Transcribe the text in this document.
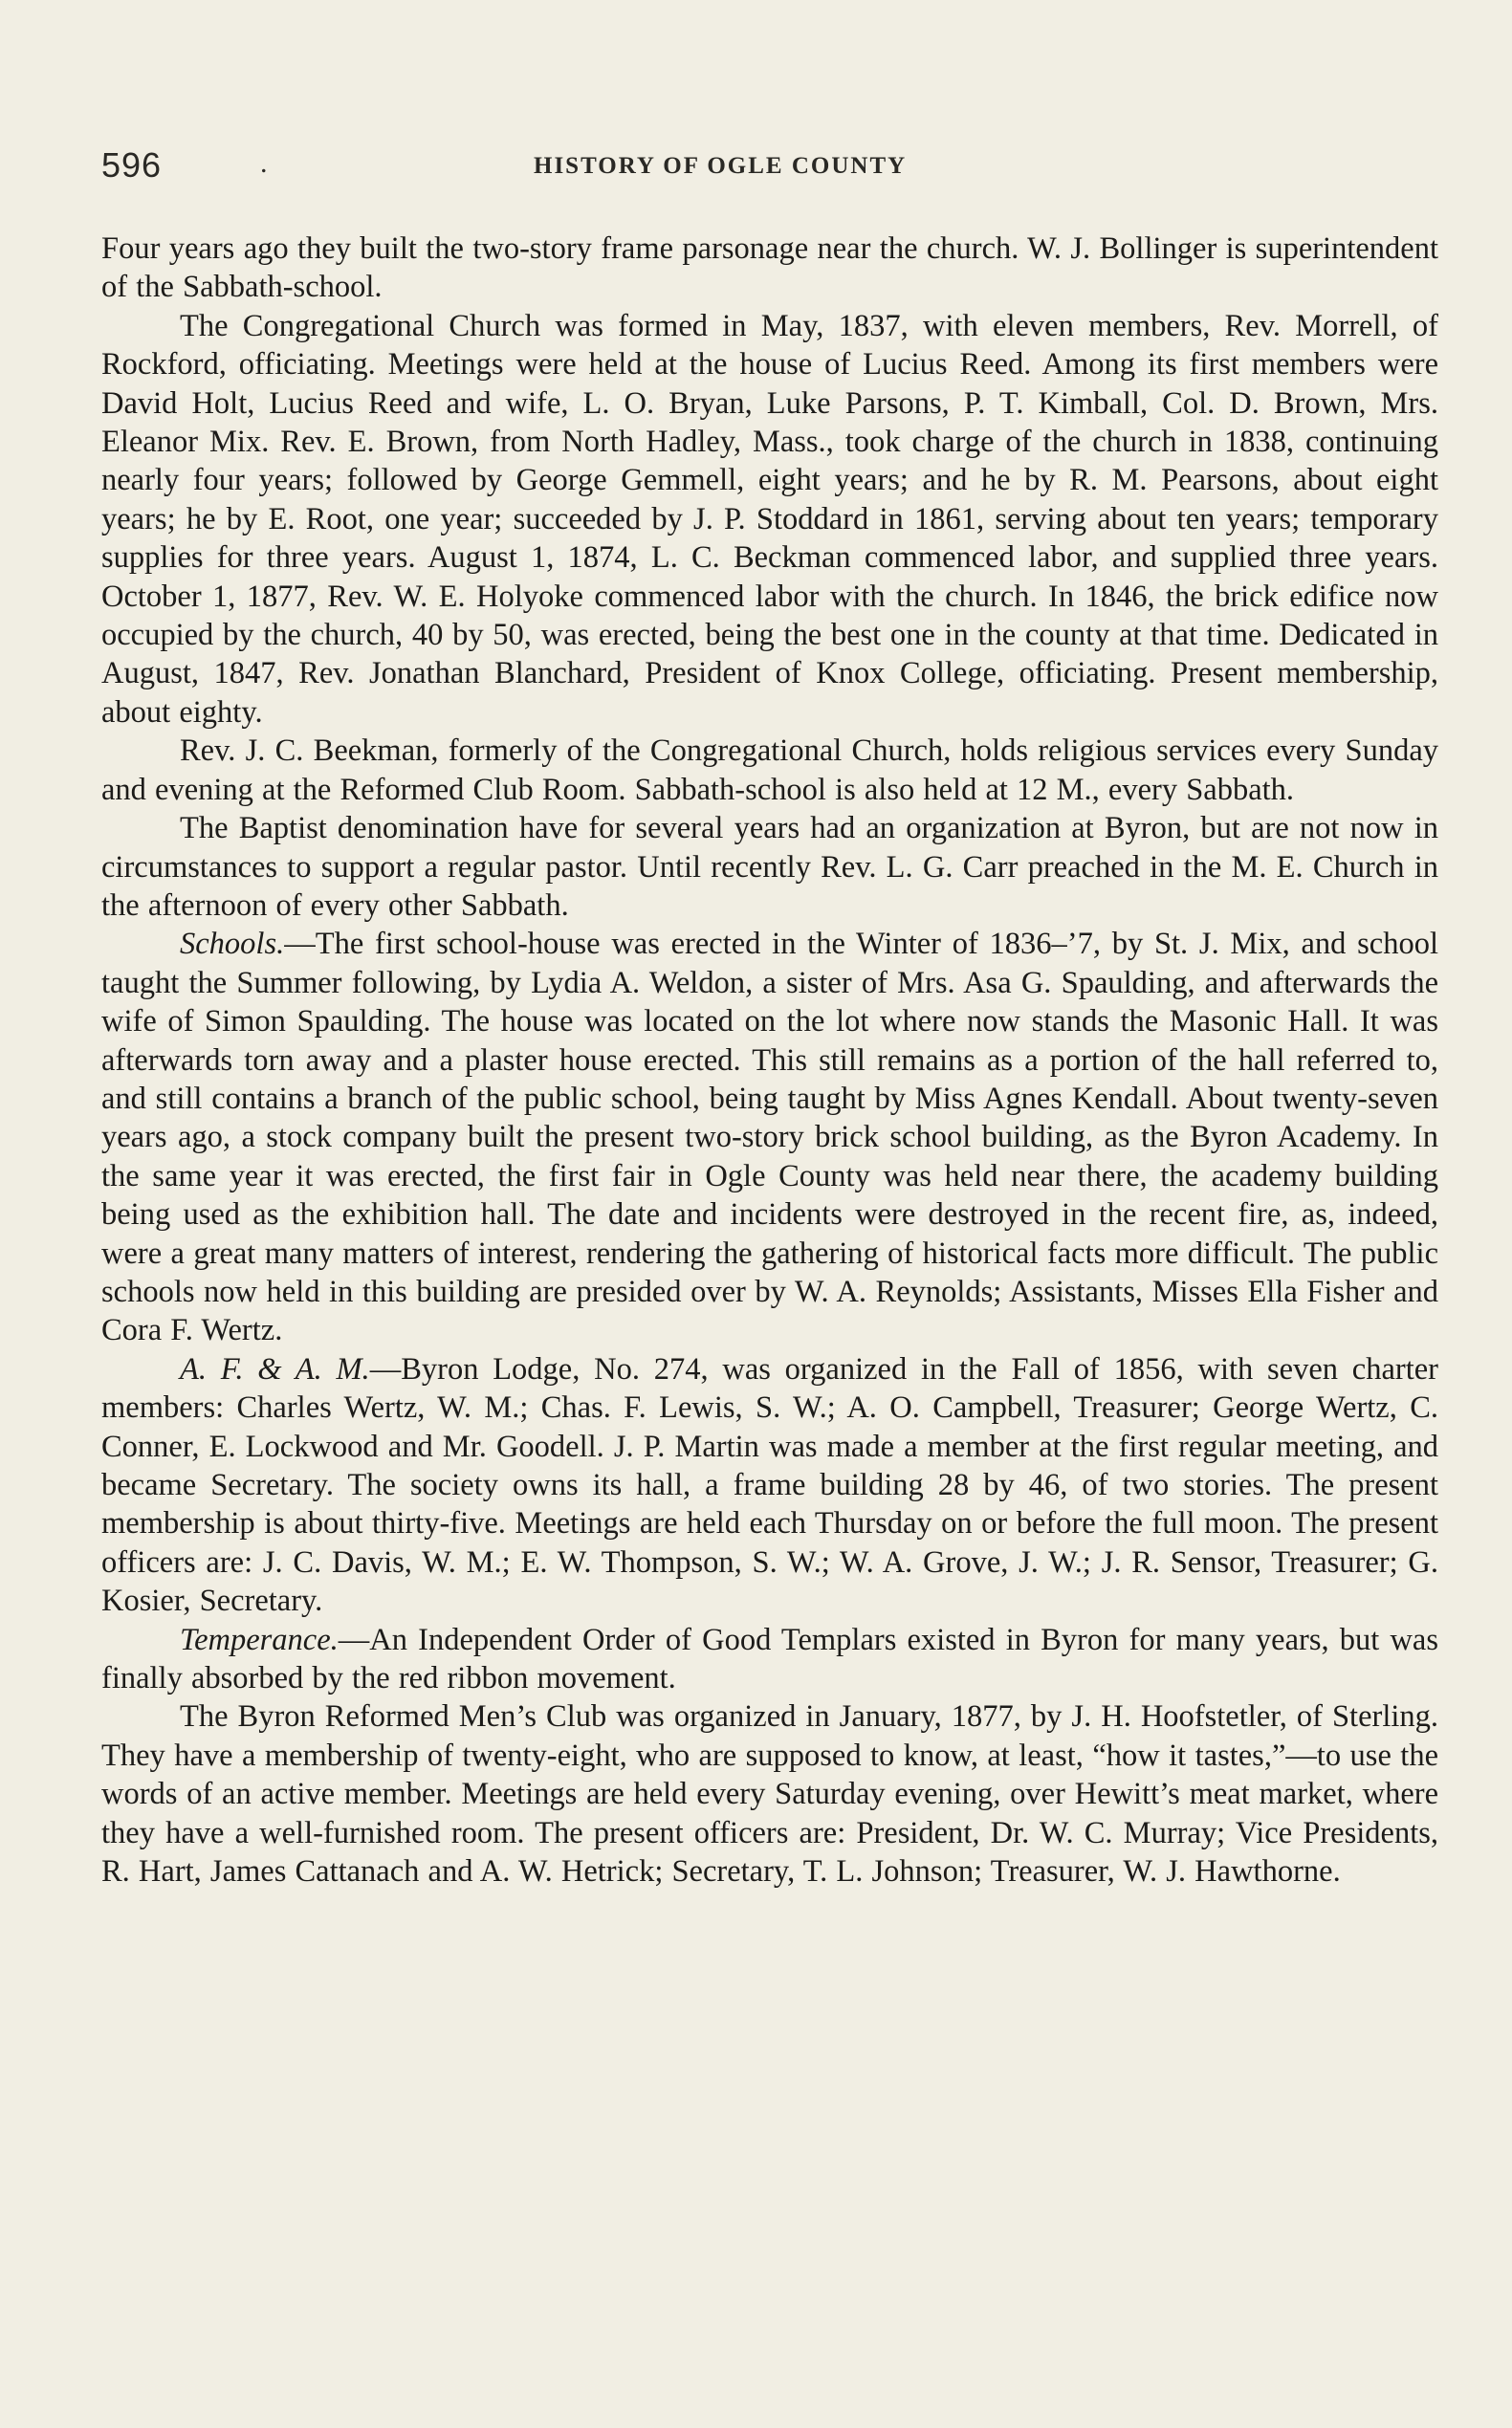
596	.	HISTORY OF OGLE COUNTY

Four years ago they built the two-story frame parsonage near the church. W. J. Bollinger is superintendent of the Sabbath-school.

The Congregational Church was formed in May, 1837, with eleven members, Rev. Morrell, of Rockford, officiating. Meetings were held at the house of Lucius Reed. Among its first members were David Holt, Lucius Reed and wife, L. O. Bryan, Luke Parsons, P. T. Kimball, Col. D. Brown, Mrs. Eleanor Mix. Rev. E. Brown, from North Hadley, Mass., took charge of the church in 1838, continuing nearly four years; followed by George Gemmell, eight years; and he by R. M. Pearsons, about eight years; he by E. Root, one year; succeeded by J. P. Stoddard in 1861, serving about ten years; temporary supplies for three years. August 1, 1874, L. C. Beckman commenced labor, and supplied three years. October 1, 1877, Rev. W. E. Holyoke commenced labor with the church. In 1846, the brick edifice now occupied by the church, 40 by 50, was erected, being the best one in the county at that time. Dedicated in August, 1847, Rev. Jonathan Blanchard, President of Knox College, officiating. Present membership, about eighty.

Rev. J. C. Beekman, formerly of the Congregational Church, holds religious services every Sunday and evening at the Reformed Club Room. Sabbath-school is also held at 12 M., every Sabbath.

The Baptist denomination have for several years had an organization at Byron, but are not now in circumstances to support a regular pastor. Until recently Rev. L. G. Carr preached in the M. E. Church in the afternoon of every other Sabbath.

Schools.—The first school-house was erected in the Winter of 1836–’7, by St. J. Mix, and school taught the Summer following, by Lydia A. Weldon, a sister of Mrs. Asa G. Spaulding, and afterwards the wife of Simon Spaulding. The house was located on the lot where now stands the Masonic Hall. It was afterwards torn away and a plaster house erected. This still remains as a portion of the hall referred to, and still contains a branch of the public school, being taught by Miss Agnes Kendall. About twenty-seven years ago, a stock company built the present two-story brick school building, as the Byron Academy. In the same year it was erected, the first fair in Ogle County was held near there, the academy building being used as the exhibition hall. The date and incidents were destroyed in the recent fire, as, indeed, were a great many matters of interest, rendering the gathering of historical facts more difficult. The public schools now held in this building are presided over by W. A. Reynolds; Assistants, Misses Ella Fisher and Cora F. Wertz.

A. F. & A. M.—Byron Lodge, No. 274, was organized in the Fall of 1856, with seven charter members: Charles Wertz, W. M.; Chas. F. Lewis, S. W.; A. O. Campbell, Treasurer; George Wertz, C. Conner, E. Lockwood and Mr. Goodell. J. P. Martin was made a member at the first regular meeting, and became Secretary. The society owns its hall, a frame building 28 by 46, of two stories. The present membership is about thirty-five. Meetings are held each Thursday on or before the full moon. The present officers are: J. C. Davis, W. M.; E. W. Thompson, S. W.; W. A. Grove, J. W.; J. R. Sensor, Treasurer; G. Kosier, Secretary.

Temperance.—An Independent Order of Good Templars existed in Byron for many years, but was finally absorbed by the red ribbon movement.

The Byron Reformed Men’s Club was organized in January, 1877, by J. H. Hoofstetler, of Sterling. They have a membership of twenty-eight, who are supposed to know, at least, “how it tastes,”—to use the words of an active member. Meetings are held every Saturday evening, over Hewitt’s meat market, where they have a well-furnished room. The present officers are: President, Dr. W. C. Murray; Vice Presidents, R. Hart, James Cattanach and A. W. Hetrick; Secretary, T. L. Johnson; Treasurer, W. J. Hawthorne.
